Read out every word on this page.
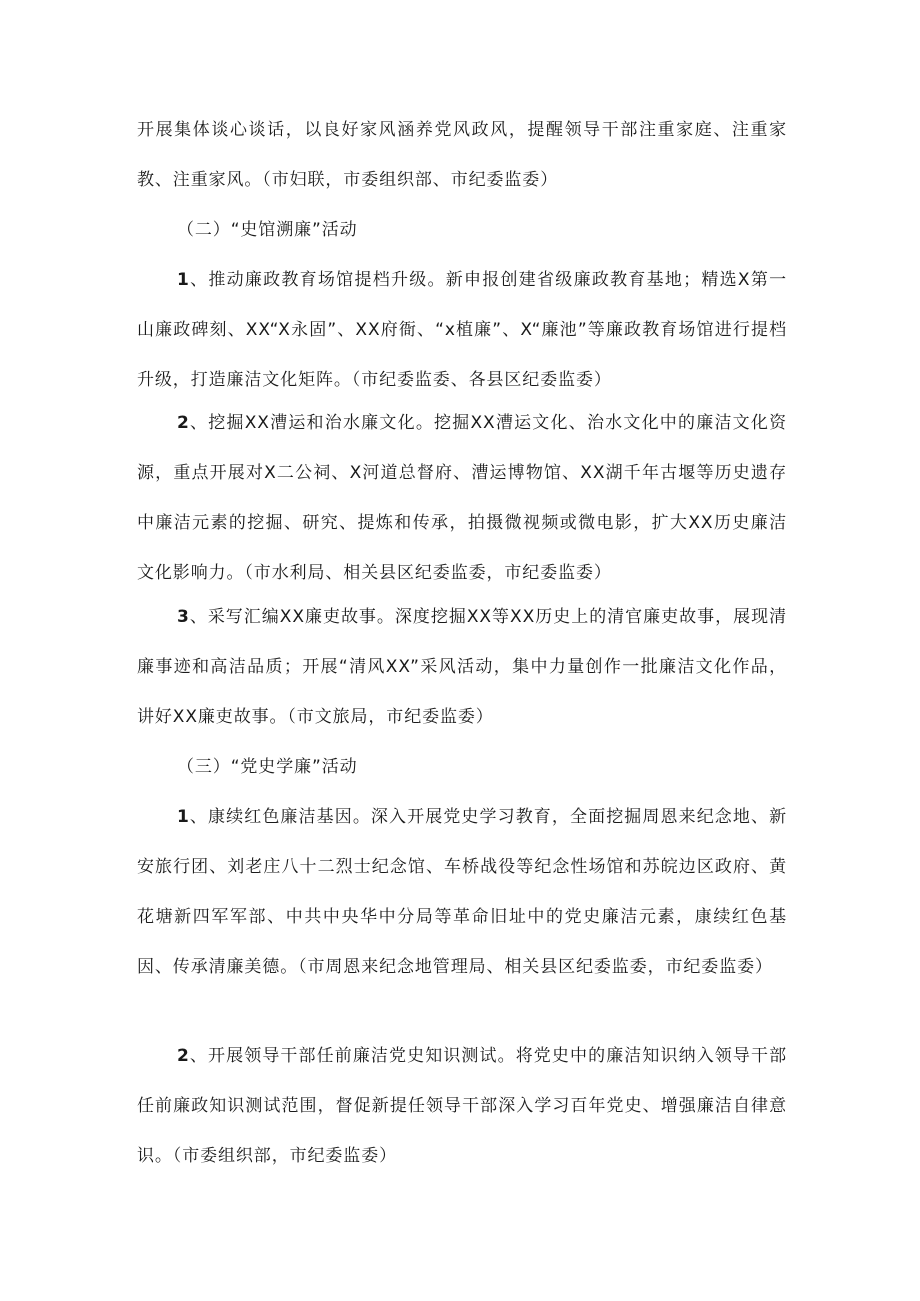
开展集体谈心谈话，以良好家风涵养党风政风，提醒领导干部注重家庭、注重家教、注重家风。（市妇联，市委组织部、市纪委监委）

（二）“史馆溯廉”活动

1、推动廉政教育场馆提档升级。新申报创建省级廉政教育基地；精选X第一山廉政碑刻、XX“X永固”、XX府衙、“x植廉”、X“廉池”等廉政教育场馆进行提档升级，打造廉洁文化矩阵。（市纪委监委、各县区纪委监委）

2、挖掘XX漕运和治水廉文化。挖掘XX漕运文化、治水文化中的廉洁文化资源，重点开展对X二公祠、X河道总督府、漕运博物馆、XX湖千年古堰等历史遗存中廉洁元素的挖掘、研究、提炼和传承，拍摄微视频或微电影，扩大XX历史廉洁文化影响力。（市水利局、相关县区纪委监委，市纪委监委）

3、采写汇编XX廉吏故事。深度挖掘XX等XX历史上的清官廉吏故事，展现清廉事迹和高洁品质；开展“清风XX”采风活动，集中力量创作一批廉洁文化作品，讲好XX廉吏故事。（市文旅局，市纪委监委）

（三）“党史学廉”活动

1、康续红色廉洁基因。深入开展党史学习教育，全面挖掘周恩来纪念地、新安旅行团、刘老庄八十二烈士纪念馆、车桥战役等纪念性场馆和苏皖边区政府、黄花塘新四军军部、中共中央华中分局等革命旧址中的党史廉洁元素，康续红色基因、传承清廉美德。（市周恩来纪念地管理局、相关县区纪委监委，市纪委监委）

2、开展领导干部任前廉洁党史知识测试。将党史中的廉洁知识纳入领导干部任前廉政知识测试范围，督促新提任领导干部深入学习百年党史、增强廉洁自律意识。（市委组织部，市纪委监委）
